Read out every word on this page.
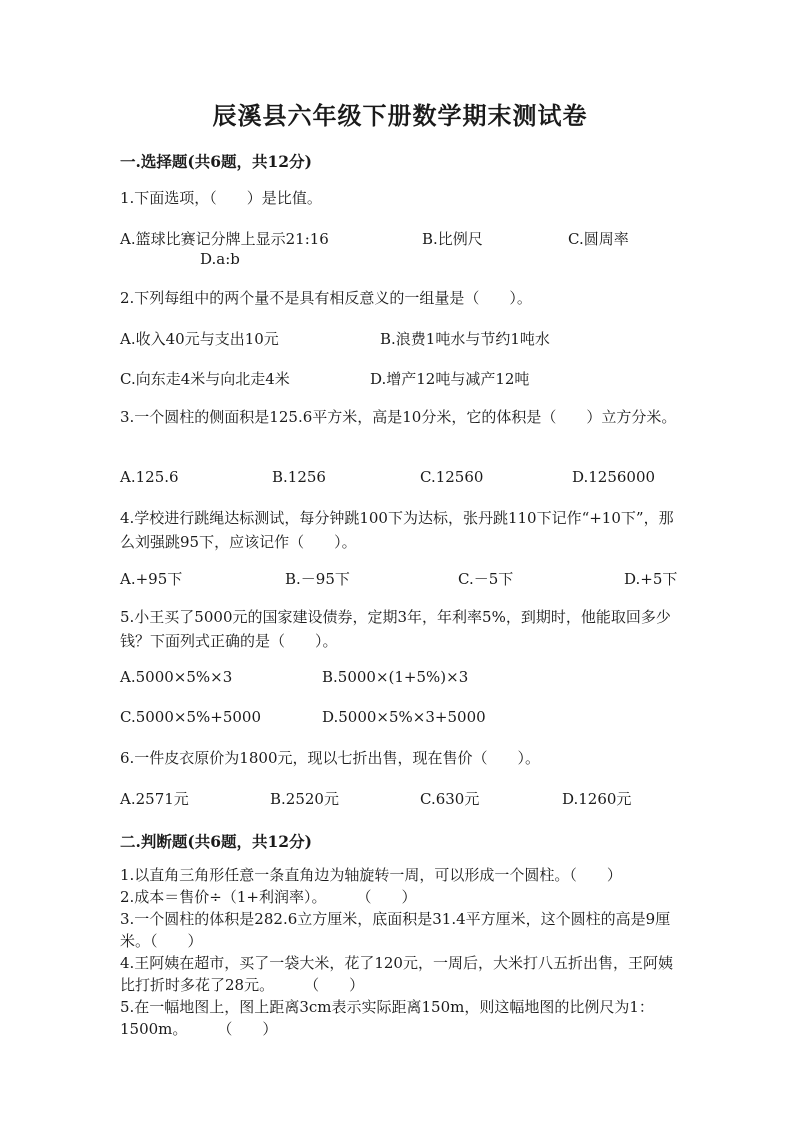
辰溪县六年级下册数学期末测试卷
一.选择题(共6题，共12分)
1.下面选项，（　　）是比值。
A.篮球比赛记分牌上显示21:16	B.比例尺	C.圆周率
D.a:b
2.下列每组中的两个量不是具有相反意义的一组量是（　　）。
A.收入40元与支出10元	B.浪费1吨水与节约1吨水
C.向东走4米与向北走4米	D.增产12吨与减产12吨
3.一个圆柱的侧面积是125.6平方米，高是10分米，它的体积是（　　）立方分米。
A.125.6	B.1256	C.12560	D.1256000
4.学校进行跳绳达标测试，每分钟跳100下为达标，张丹跳110下记作“+10下”，那么刘强跳95下，应该记作（　　）。
A.+95下	B.－95下	C.－5下	D.+5下
5.小王买了5000元的国家建设债券，定期3年，年利率5%，到期时，他能取回多少钱？下面列式正确的是（　　）。
A.5000×5%×3	B.5000×(1+5%)×3
C.5000×5%+5000	D.5000×5%×3+5000
6.一件皮衣原价为1800元，现以七折出售，现在售价（　　）。
A.2571元	B.2520元	C.630元	D.1260元
二.判断题(共6题，共12分)
1.以直角三角形任意一条直角边为轴旋转一周，可以形成一个圆柱。（　　）
2.成本＝售价÷（1+利润率）。　　　（　　）
3.一个圆柱的体积是282.6立方厘米，底面积是31.4平方厘米，这个圆柱的高是9厘米。（　　）
4.王阿姨在超市，买了一袋大米，花了120元，一周后，大米打八五折出售，王阿姨比打折时多花了28元。　　　（　　）
5.在一幅地图上，图上距离3cm表示实际距离150m，则这幅地图的比例尺为1：1500m。　　　（　　）
